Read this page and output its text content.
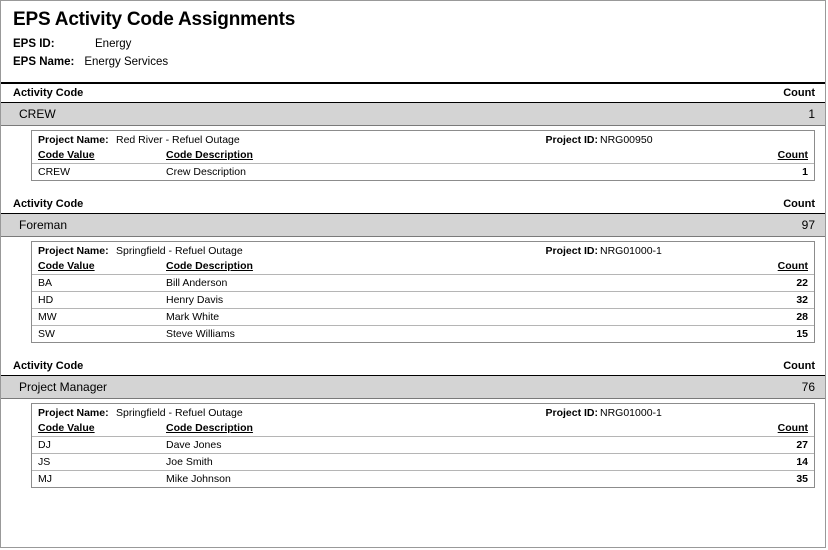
EPS Activity Code Assignments
EPS ID:	Energy
EPS Name: Energy Services
Activity Code	Count
CREW	1
Project Name: Red River - Refuel Outage	Project ID: NRG00950
Code Value	Code Description	Count
CREW	Crew Description	1
Activity Code	Count
Foreman	97
Project Name: Springfield - Refuel Outage	Project ID: NRG01000-1
Code Value	Code Description	Count
BA	Bill Anderson	22
HD	Henry Davis	32
MW	Mark White	28
SW	Steve Williams	15
Activity Code	Count
Project Manager	76
Project Name: Springfield - Refuel Outage	Project ID: NRG01000-1
Code Value	Code Description	Count
DJ	Dave Jones	27
JS	Joe Smith	14
MJ	Mike Johnson	35
